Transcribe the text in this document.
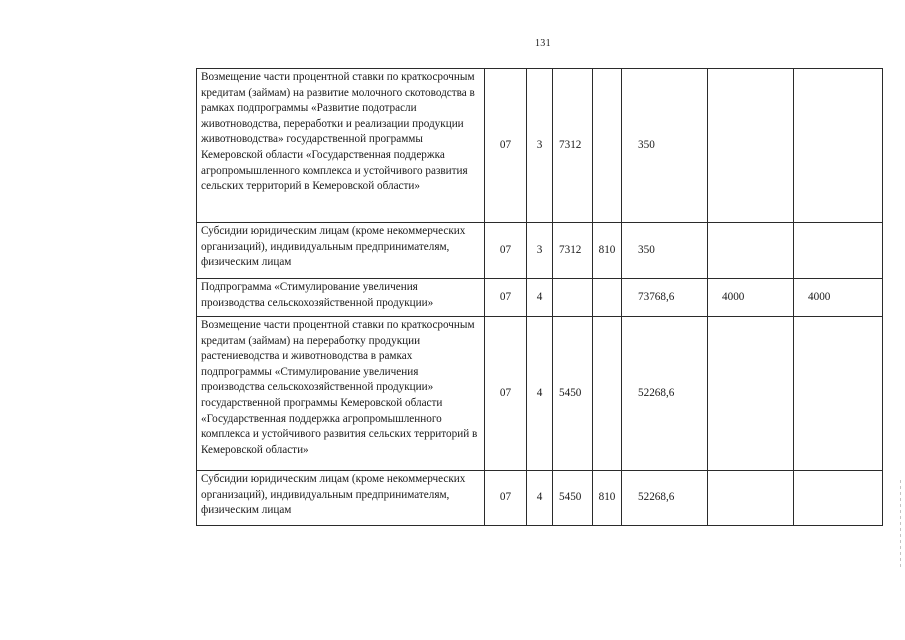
131
Возмещение части процентной ставки по краткосрочным кредитам (займам) на развитие молочного скотоводства в рамках подпрограммы «Развитие подотрасли животноводства, переработки и реализации продукции животноводства» государственной программы Кемеровской области «Государственная поддержка агропромышленного комплекса и устойчивого развития сельских территорий в Кемеровской области»	07	3	7312		350		
Субсидии юридическим лицам (кроме некоммерческих организаций), индивидуальным предпринимателям, физическим лицам	07	3	7312	810	350		
Подпрограмма «Стимулирование увеличения производства сельскохозяйственной продукции»	07	4			73768,6	4000	4000
Возмещение части процентной ставки по краткосрочным кредитам (займам) на переработку продукции растениеводства и животноводства в рамках подпрограммы «Стимулирование увеличения производства сельскохозяйственной продукции» государственной программы Кемеровской области «Государственная поддержка агропромышленного комплекса и устойчивого развития сельских территорий в Кемеровской области»	07	4	5450		52268,6		
Субсидии юридическим лицам (кроме некоммерческих организаций), индивидуальным предпринимателям, физическим лицам	07	4	5450	810	52268,6		
